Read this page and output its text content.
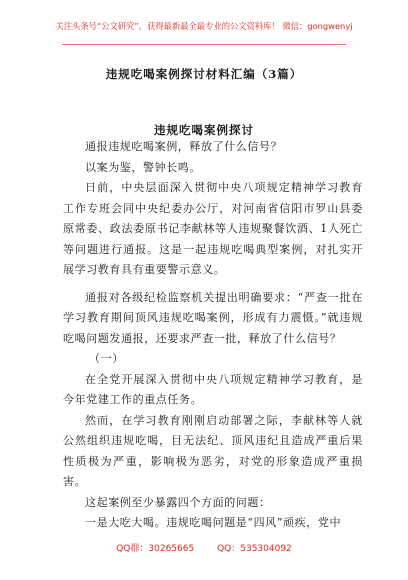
关注头条号“公文研究”，获得最新最全最专业的公文资料库！ 微信：gongwenyj
违规吃喝案例探讨材料汇编（3篇）
违规吃喝案例探讨

通报违规吃喝案例，释放了什么信号？

以案为鉴，警钟长鸣。

日前，中央层面深入贯彻中央八项规定精神学习教育工作专班会同中央纪委办公厅，对河南省信阳市罗山县委原常委、政法委原书记李献林等人违规聚餐饮酒、1人死亡等问题进行通报。这是一起违规吃喝典型案例，对扎实开展学习教育具有重要警示意义。

通报对各级纪检监察机关提出明确要求：“严查一批在学习教育期间顶风违规吃喝案例，形成有力震慑。”就违规吃喝问题发通报，还要求严查一批，释放了什么信号？

（一）

在全党开展深入贯彻中央八项规定精神学习教育，是今年党建工作的重点任务。

然而，在学习教育刚刚启动部署之际，李献林等人就公然组织违规吃喝，目无法纪、顶风违纪且造成严重后果性质极为严重，影响极为恶劣，对党的形象造成严重损害。

这起案例至少暴露四个方面的问题：

一是大吃大喝。违规吃喝问题是“四风”顽疾，党中

QQ群：30265665	QQ：535304092
